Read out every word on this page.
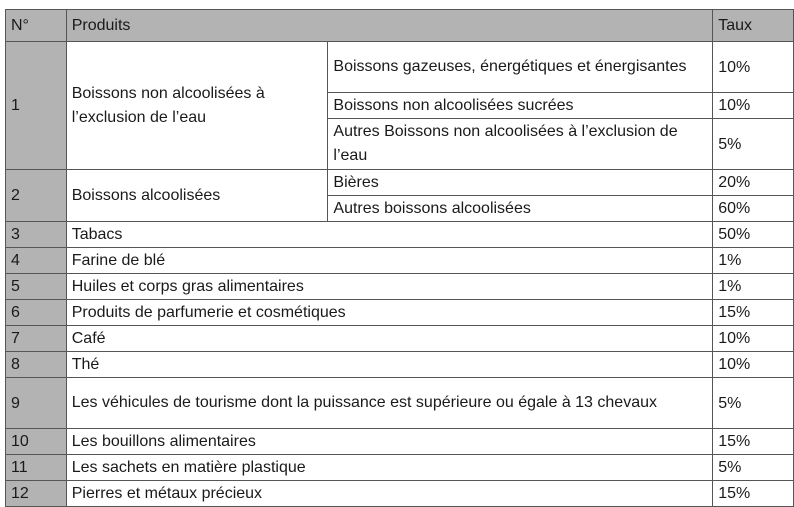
N°	Produits		Taux
1	Boissons non alcoolisées à l’exclusion de l’eau	Boissons gazeuses, énergétiques et énergisantes	10%
		Boissons non alcoolisées sucrées	10%
		Autres Boissons non alcoolisées à l’exclusion de l’eau	5%
2	Boissons alcoolisées	Bières	20%
		Autres boissons alcoolisées	60%
3	Tabacs		50%
4	Farine de blé		1%
5	Huiles et corps gras alimentaires		1%
6	Produits de parfumerie et cosmétiques		15%
7	Café		10%
8	Thé		10%
9	Les véhicules de tourisme dont la puissance est supérieure ou égale à 13 chevaux		5%
10	Les bouillons alimentaires		15%
11	Les sachets en matière plastique		5%
12	Pierres et métaux précieux		15%
